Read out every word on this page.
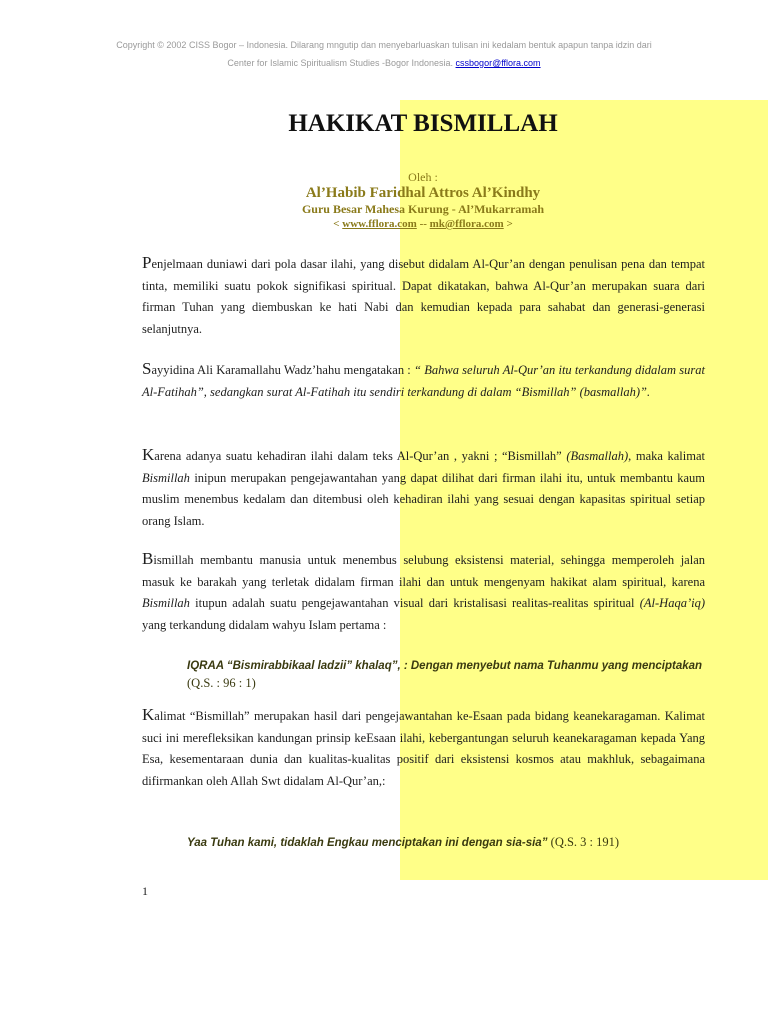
Copyright © 2002 CISS Bogor – Indonesia. Dilarang mngutip dan menyebarluaskan tulisan ini kedalam bentuk apapun tanpa idzin dari
Center for Islamic Spiritualism Studies -Bogor Indonesia. cssbogor@fflora.com
HAKIKAT BISMILLAH
Oleh :
Al’Habib Faridhal Attros Al’Kindhy
Guru Besar Mahesa Kurung - Al’Mukarramah
< www.fflora.com -- mk@fflora.com >
Penjelmaan duniawi dari pola dasar ilahi, yang disebut didalam Al-Qur’an dengan penulisan pena dan tempat tinta, memiliki suatu pokok signifikasi spiritual. Dapat dikatakan, bahwa Al-Qur’an merupakan suara dari firman Tuhan yang diembuskan ke hati Nabi dan kemudian kepada para sahabat dan generasi-generasi selanjutnya.
Sayyidina Ali Karamallahu Wadz’hahu mengatakan : “ Bahwa seluruh Al-Qur’an itu terkandung didalam surat Al-Fatihah”, sedangkan surat Al-Fatihah itu sendiri terkandung di dalam “Bismillah” (basmallah)”.
Karena adanya suatu kehadiran ilahi dalam teks Al-Qur’an , yakni ; “Bismillah” (Basmallah), maka kalimat Bismillah inipun merupakan pengejawantahan yang dapat dilihat dari firman ilahi itu, untuk membantu kaum muslim menembus kedalam dan ditembusi oleh kehadiran ilahi yang sesuai dengan kapasitas spiritual setiap orang Islam.
Bismillah membantu manusia untuk menembus selubung eksistensi material, sehingga memperoleh jalan masuk ke barakah yang terletak didalam firman ilahi dan untuk mengenyam hakikat alam spiritual, karena Bismillah itupun adalah suatu pengejawantahan visual dari kristalisasi realitas-realitas spiritual (Al-Haqa’iq) yang terkandung didalam wahyu Islam pertama :
IQRAA “Bismirabbikaal ladzii” khalaq”, : Dengan menyebut nama Tuhanmu yang menciptakan (Q.S. : 96 : 1)
Kalimat “Bismillah” merupakan hasil dari pengejawantahan ke-Esaan pada bidang keanekaragaman. Kalimat suci ini merefleksikan kandungan prinsip keEsaan ilahi, kebergantungan seluruh keanekaragaman kepada Yang Esa, kesementaraan dunia dan kualitas-kualitas positif dari eksistensi kosmos atau makhluk, sebagaimana difirmankan oleh Allah Swt didalam Al-Qur’an,:
Yaa Tuhan kami, tidaklah Engkau menciptakan ini dengan sia-sia” (Q.S. 3 : 191)
1
